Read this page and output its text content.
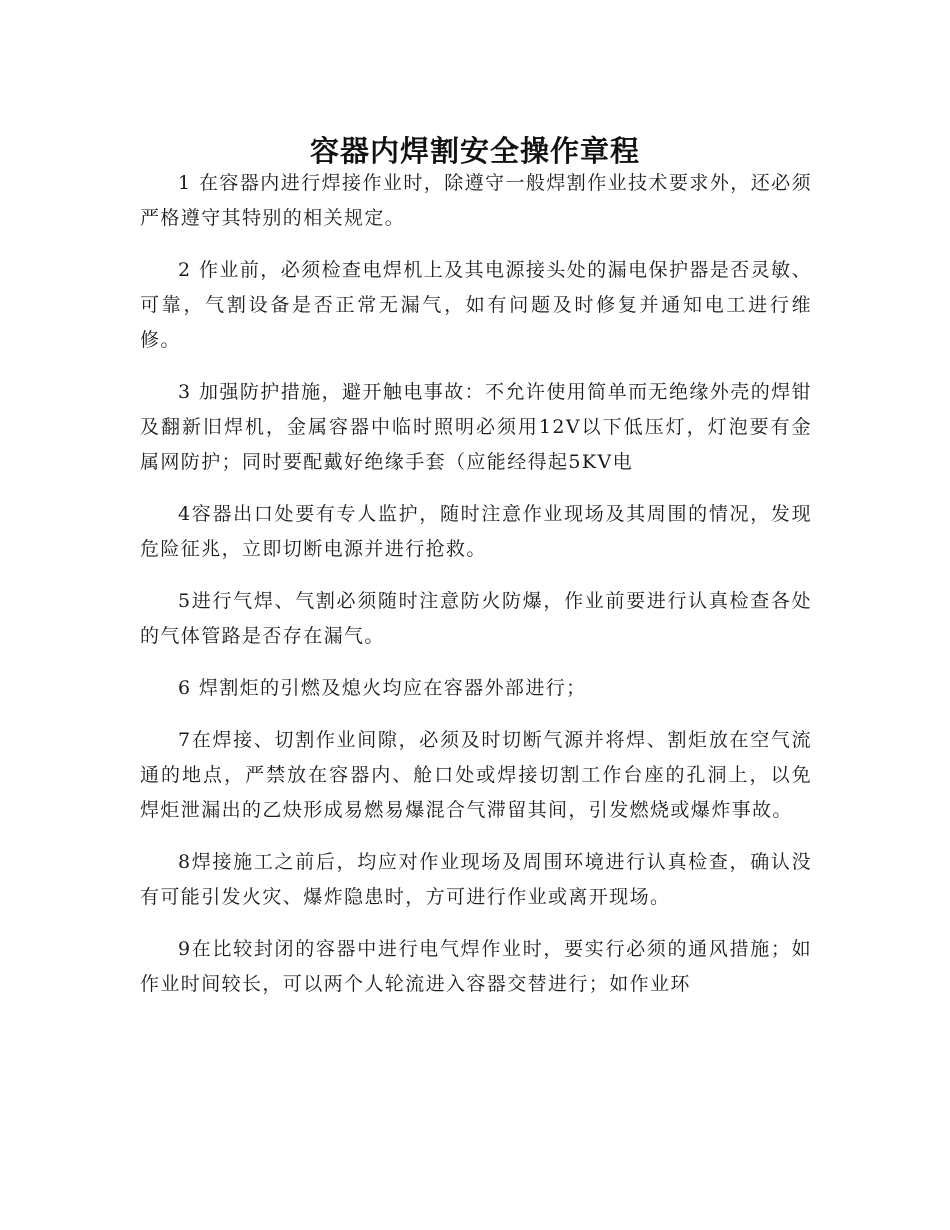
容器内焊割安全操作章程

1 在容器内进行焊接作业时，除遵守一般焊割作业技术要求外，还必须严格遵守其特别的相关规定。

2 作业前，必须检查电焊机上及其电源接头处的漏电保护器是否灵敏、可靠，气割设备是否正常无漏气，如有问题及时修复并通知电工进行维修。

3 加强防护措施，避开触电事故：不允许使用简单而无绝缘外壳的焊钳及翻新旧焊机，金属容器中临时照明必须用12V以下低压灯，灯泡要有金属网防护；同时要配戴好绝缘手套（应能经得起5KV电

4容器出口处要有专人监护，随时注意作业现场及其周围的情况，发现危险征兆，立即切断电源并进行抢救。

5进行气焊、气割必须随时注意防火防爆，作业前要进行认真检查各处的气体管路是否存在漏气。

6 焊割炬的引燃及熄火均应在容器外部进行；

7在焊接、切割作业间隙，必须及时切断气源并将焊、割炬放在空气流通的地点，严禁放在容器内、舱口处或焊接切割工作台座的孔洞上，以免焊炬泄漏出的乙炔形成易燃易爆混合气滞留其间，引发燃烧或爆炸事故。

8焊接施工之前后，均应对作业现场及周围环境进行认真检查，确认没有可能引发火灾、爆炸隐患时，方可进行作业或离开现场。

9在比较封闭的容器中进行电气焊作业时，要实行必须的通风措施；如作业时间较长，可以两个人轮流进入容器交替进行；如作业环
